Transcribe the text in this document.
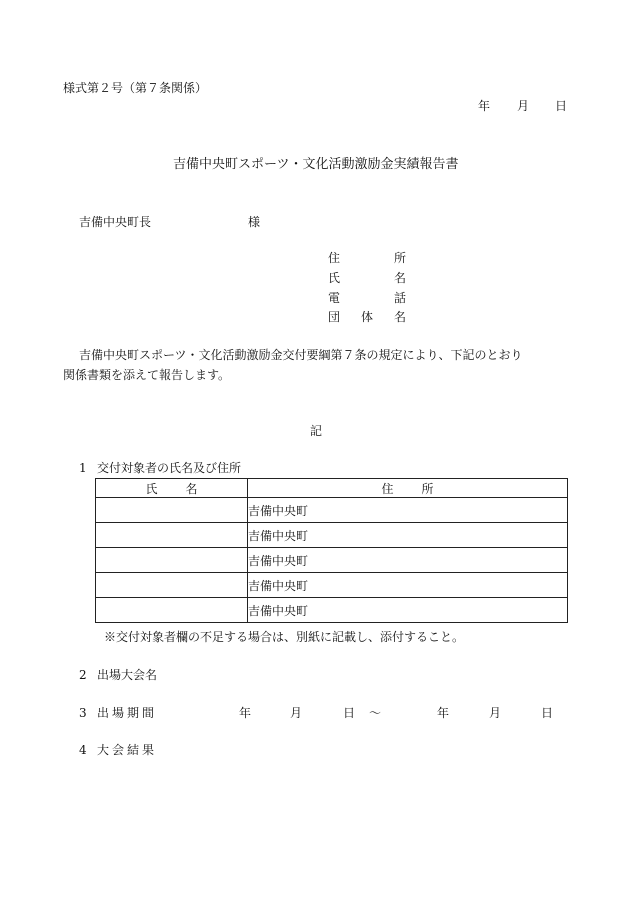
様式第２号（第７条関係）
年 月 日
吉備中央町スポーツ・文化活動激励金実績報告書
吉備中央町長	様
住	所
氏	名
電	話
団 体 名
吉備中央町スポーツ・文化活動激励金交付要綱第７条の規定により、下記のとおり
関係書類を添えて報告します。
記
1 交付対象者の氏名及び住所
氏 名	住 所

	吉備中央町
	吉備中央町
	吉備中央町
	吉備中央町
	吉備中央町
※交付対象者欄の不足する場合は、別紙に記載し、添付すること。
2 出場大会名
3 出場期間	年	月	日 ～	年	月	日
4 大会結果
